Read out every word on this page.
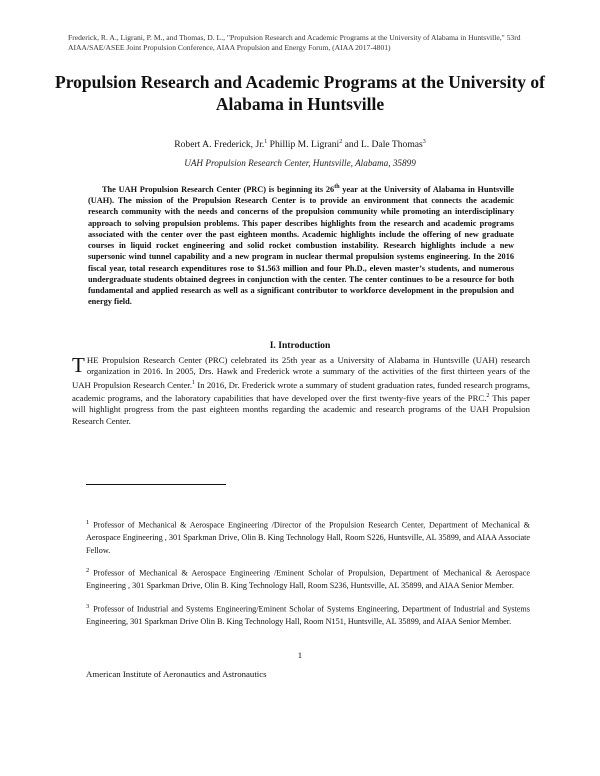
Frederick, R. A., Ligrani, P. M., and Thomas, D. L., "Propulsion Research and Academic Programs at the University of Alabama in Huntsville," 53rd AIAA/SAE/ASEE Joint Propulsion Conference, AIAA Propulsion and Energy Forum, (AIAA 2017-4801)
Propulsion Research and Academic Programs at the University of Alabama in Huntsville
Robert A. Frederick, Jr.$^1$ Phillip M. Ligrani$^2$ and L. Dale Thomas$^3$
UAH Propulsion Research Center, Huntsville, Alabama, 35899
The UAH Propulsion Research Center (PRC) is beginning its 26th year at the University of Alabama in Huntsville (UAH). The mission of the Propulsion Research Center is to provide an environment that connects the academic research community with the needs and concerns of the propulsion community while promoting an interdisciplinary approach to solving propulsion problems. This paper describes highlights from the research and academic programs associated with the center over the past eighteen months. Academic highlights include the offering of new graduate courses in liquid rocket engineering and solid rocket combustion instability. Research highlights include a new supersonic wind tunnel capability and a new program in nuclear thermal propulsion systems engineering. In the 2016 fiscal year, total research expenditures rose to $1.563 million and four Ph.D., eleven master’s students, and numerous undergraduate students obtained degrees in conjunction with the center. The center continues to be a resource for both fundamental and applied research as well as a significant contributor to workforce development in the propulsion and energy field.
I. Introduction
THE Propulsion Research Center (PRC) celebrated its 25th year as a University of Alabama in Huntsville (UAH) research organization in 2016. In 2005, Drs. Hawk and Frederick wrote a summary of the activities of the first thirteen years of the UAH Propulsion Research Center.$^1$ In 2016, Dr. Frederick wrote a summary of student graduation rates, funded research programs, academic programs, and the laboratory capabilities that have developed over the first twenty-five years of the PRC.$^2$ This paper will highlight progress from the past eighteen months regarding the academic and research programs of the UAH Propulsion Research Center.

$^1$ Professor of Mechanical & Aerospace Engineering /Director of the Propulsion Research Center, Department of Mechanical & Aerospace Engineering , 301 Sparkman Drive, Olin B. King Technology Hall, Room S226, Huntsville, AL 35899, and AIAA Associate Fellow.

$^2$ Professor of Mechanical & Aerospace Engineering /Eminent Scholar of Propulsion, Department of Mechanical & Aerospace Engineering , 301 Sparkman Drive, Olin B. King Technology Hall, Room S236, Huntsville, AL 35899, and AIAA Senior Member.

$^3$ Professor of Industrial and Systems Engineering/Eminent Scholar of Systems Engineering, Department of Industrial and Systems Engineering, 301 Sparkman Drive Olin B. King Technology Hall, Room N151, Huntsville, AL 35899, and AIAA Senior Member.

1
American Institute of Aeronautics and Astronautics
